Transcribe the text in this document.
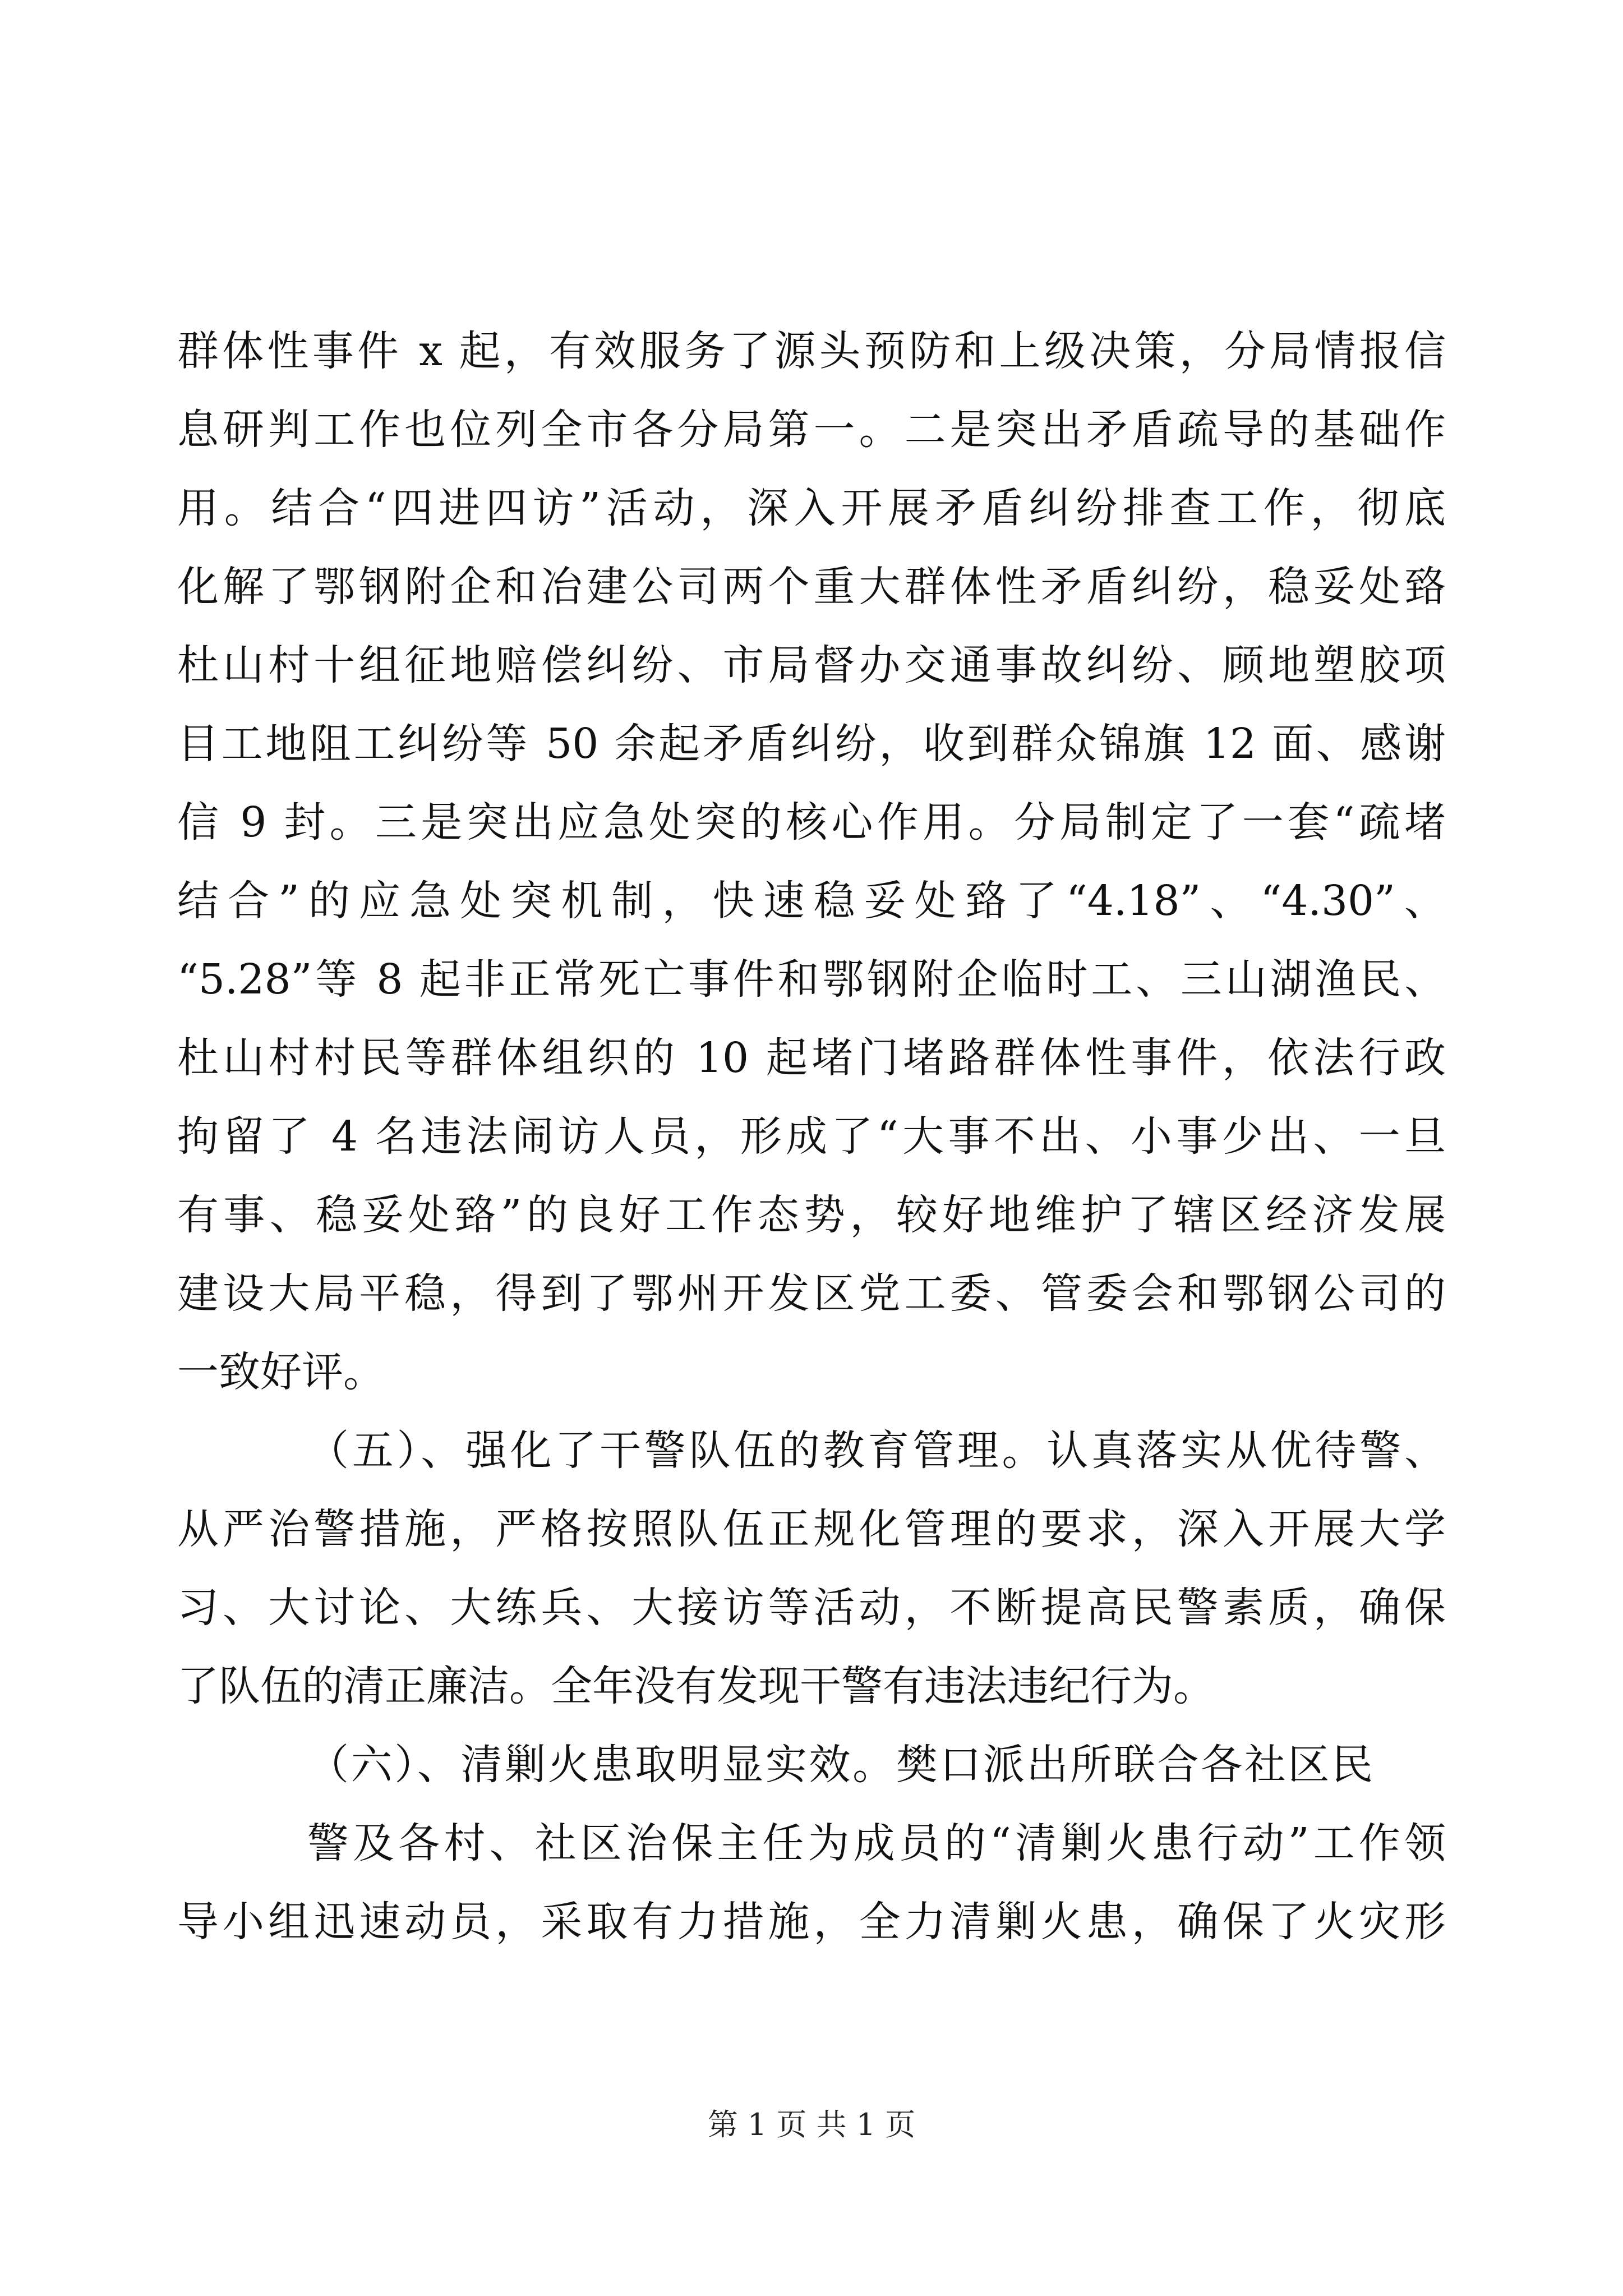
群体性事件 x 起，有效服务了源头预防和上级决策，分局情报信
息研判工作也位列全市各分局第一。二是突出矛盾疏导的基础作
用。结合“四进四访”活动，深入开展矛盾纠纷排查工作，彻底
化解了鄂钢附企和冶建公司两个重大群体性矛盾纠纷，稳妥处臵
杜山村十组征地赔偿纠纷、市局督办交通事故纠纷、顾地塑胶项
目工地阻工纠纷等 50 余起矛盾纠纷，收到群众锦旗 12 面、感谢
信 9 封。三是突出应急处突的核心作用。分局制定了一套“疏堵
结合”的应急处突机制，快速稳妥处臵了“4.18”、“4.30”、
“5.28”等 8 起非正常死亡事件和鄂钢附企临时工、三山湖渔民、
杜山村村民等群体组织的 10 起堵门堵路群体性事件，依法行政
拘留了 4 名违法闹访人员，形成了“大事不出、小事少出、一旦
有事、稳妥处臵”的良好工作态势，较好地维护了辖区经济发展
建设大局平稳，得到了鄂州开发区党工委、管委会和鄂钢公司的
一致好评。
（五）、强化了干警队伍的教育管理。认真落实从优待警、
从严治警措施，严格按照队伍正规化管理的要求，深入开展大学
习、大讨论、大练兵、大接访等活动，不断提高民警素质，确保
了队伍的清正廉洁。全年没有发现干警有违法违纪行为。
（六）、清剿火患取明显实效。樊口派出所联合各社区民
警及各村、社区治保主任为成员的“清剿火患行动”工作领
导小组迅速动员，采取有力措施，全力清剿火患，确保了火灾形
第 1 页 共 1 页
